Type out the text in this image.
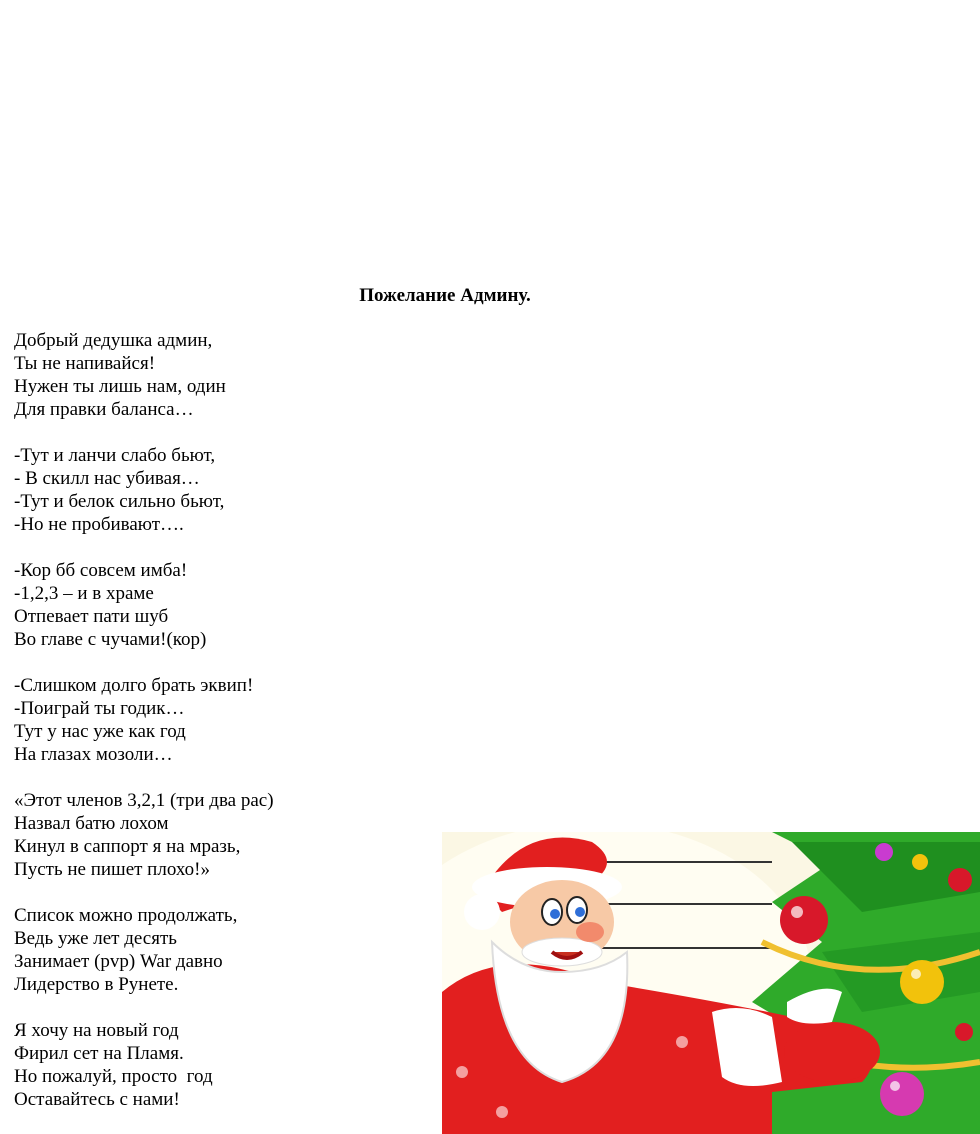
Пожелание Админу.
Добрый дедушка админ,
Ты не напивайся!
Нужен ты лишь нам, один
Для правки баланса…
-Тут и ланчи слабо бьют,
- В скилл нас убивая…
-Тут и белок сильно бьют,
-Но не пробивают….
-Кор бб совсем имба!
-1,2,3 – и в храме
Отпевает пати шуб
Во главе с чучами!(кор)
-Слишком долго брать эквип!
-Поиграй ты годик…
Тут у нас уже как год
На глазах мозоли…
«Этот членов 3,2,1 (три два рас)
Назвал батю лохом
Кинул в саппорт я на мразь,
Пусть не пишет плохо!»
Список можно продолжать,
Ведь уже лет десять
Занимает (pvp) War давно
Лидерство в Рунете.
Я хочу на новый год
Фирил сет на Пламя.
Но пожалуй, просто  год
Оставайтесь с нами!
